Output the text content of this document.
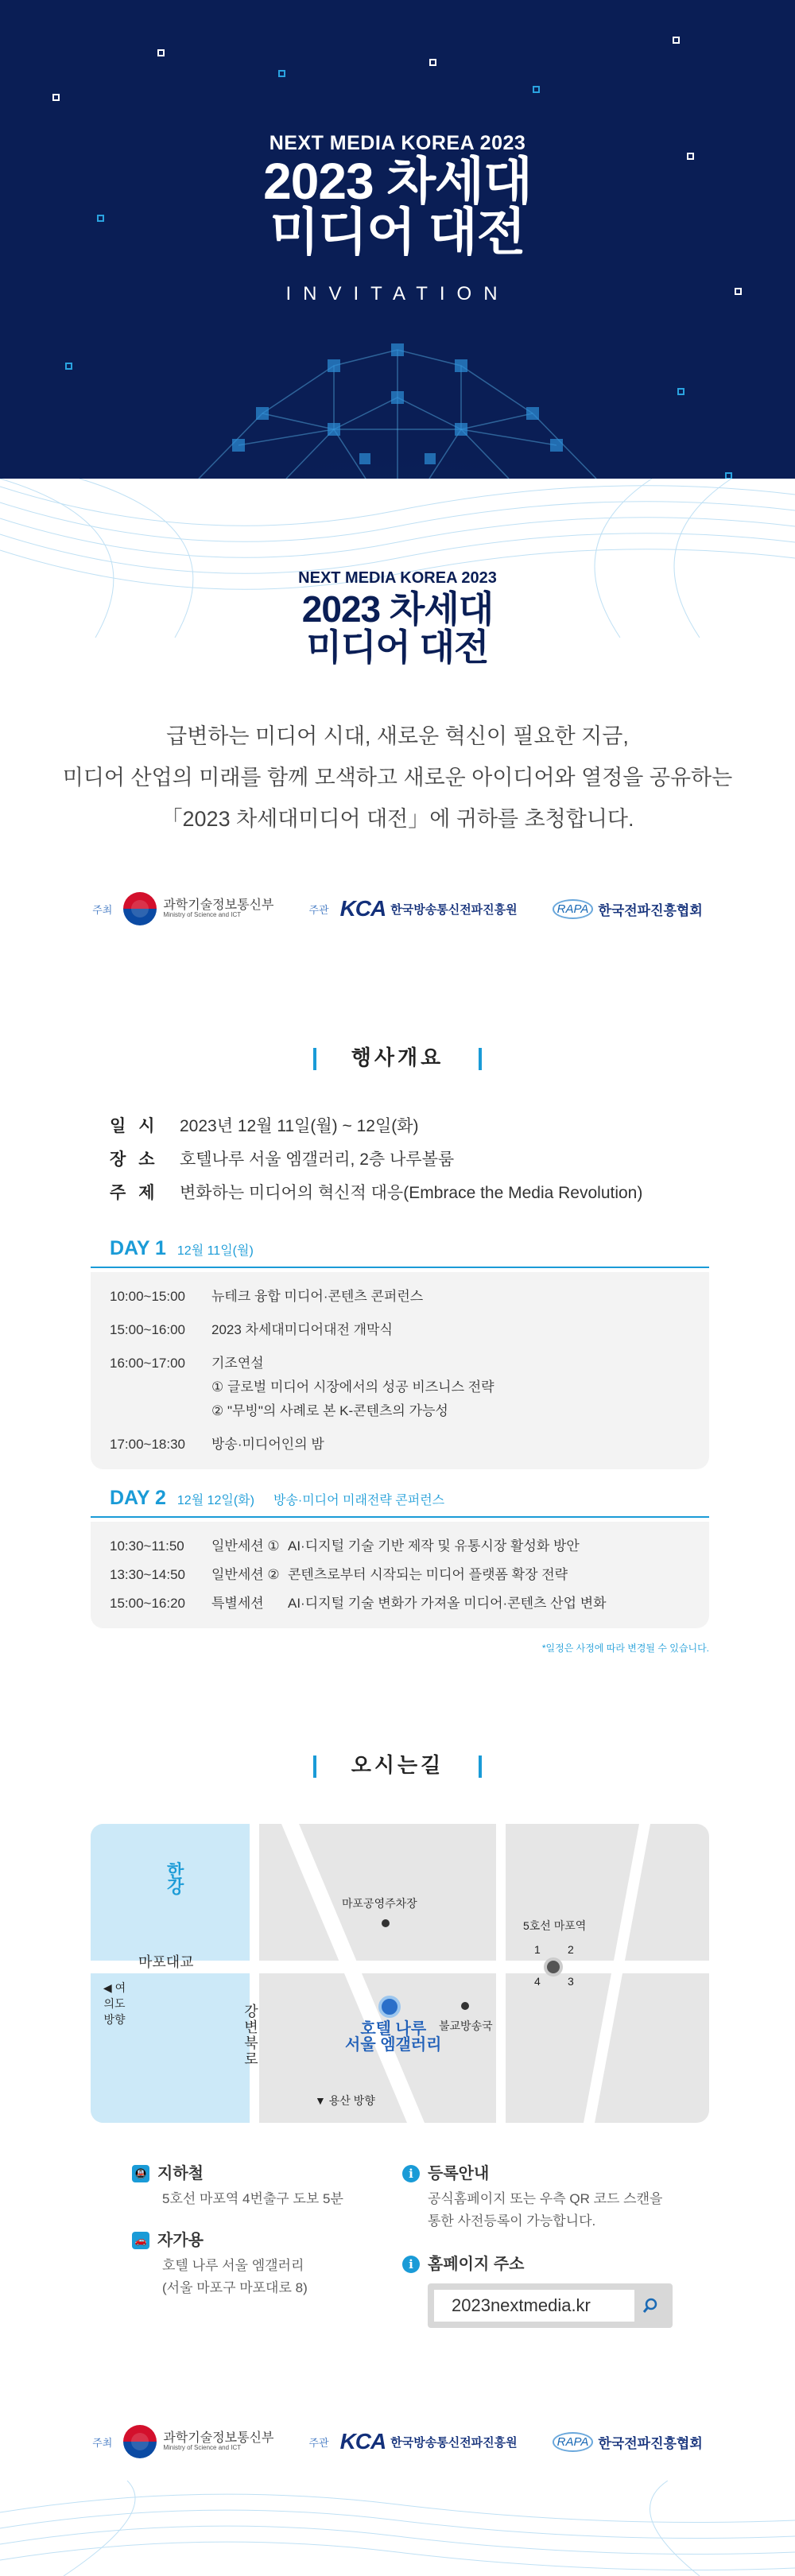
NEXT MEDIA KOREA 2023
2023 차세대
미디어 대전
INVITATION
NEXT MEDIA KOREA 2023
2023 차세대
미디어 대전
급변하는 미디어 시대, 새로운 혁신이 필요한 지금,
미디어 산업의 미래를 함께 모색하고 새로운 아이디어와 열정을 공유하는
「2023 차세대미디어 대전」에 귀하를 초청합니다.
주최	과학기술정보통신부
Ministry of Science and ICT	주관 KCA 한국방송통신전파진흥원	RAPA 한국전파진흥협회
행사개요
일시 2023년 12월 11일(월) ~ 12일(화)
장소 호텔나루 서울 엠갤러리, 2층 나루볼룸
주제 변화하는 미디어의 혁신적 대응(Embrace the Media Revolution)
DAY 1 12월 11일(월)
10:00~15:00	뉴테크 융합 미디어·콘텐츠 콘퍼런스
15:00~16:00	2023 차세대미디어대전 개막식
16:00~17:00	기조연설
① 글로벌 미디어 시장에서의 성공 비즈니스 전략
② "무빙"의 사례로 본 K-콘텐츠의 가능성
17:00~18:30	방송·미디어인의 밤
DAY 2 12월 12일(화) 방송·미디어 미래전략 콘퍼런스
10:30~11:50	일반세션 ① AI·디지털 기술 기반 제작 및 유통시장 활성화 방안
13:30~14:50	일반세션 ② 콘텐츠로부터 시작되는 미디어 플랫폼 확장 전략
15:00~16:20	특별세션	AI·디지털 기술 변화가 가져올 미디어·콘텐츠 산업 변화
*일정은 사정에 따라 변경될 수 있습니다.
오시는길
한강
마포대교
◀ 여의도
방향	강변북로
마포공영주차장
5호선 마포역
1 2
4 3
호텔 나루
서울 엠갤러리
불교방송국
▼ 용산 방향
🚇 지하철
5호선 마포역 4번출구 도보 5분
🚗 자가용
호텔 나루 서울 엠갤러리
(서울 마포구 마포대로 8)
i 등록안내
공식홈페이지 또는 우측 QR 코드 스캔을
통한 사전등록이 가능합니다.
i 홈페이지 주소
2023nextmedia.kr
주최	과학기술정보통신부
Ministry of Science and ICT	주관 KCA 한국방송통신전파진흥원	RAPA 한국전파진흥협회
